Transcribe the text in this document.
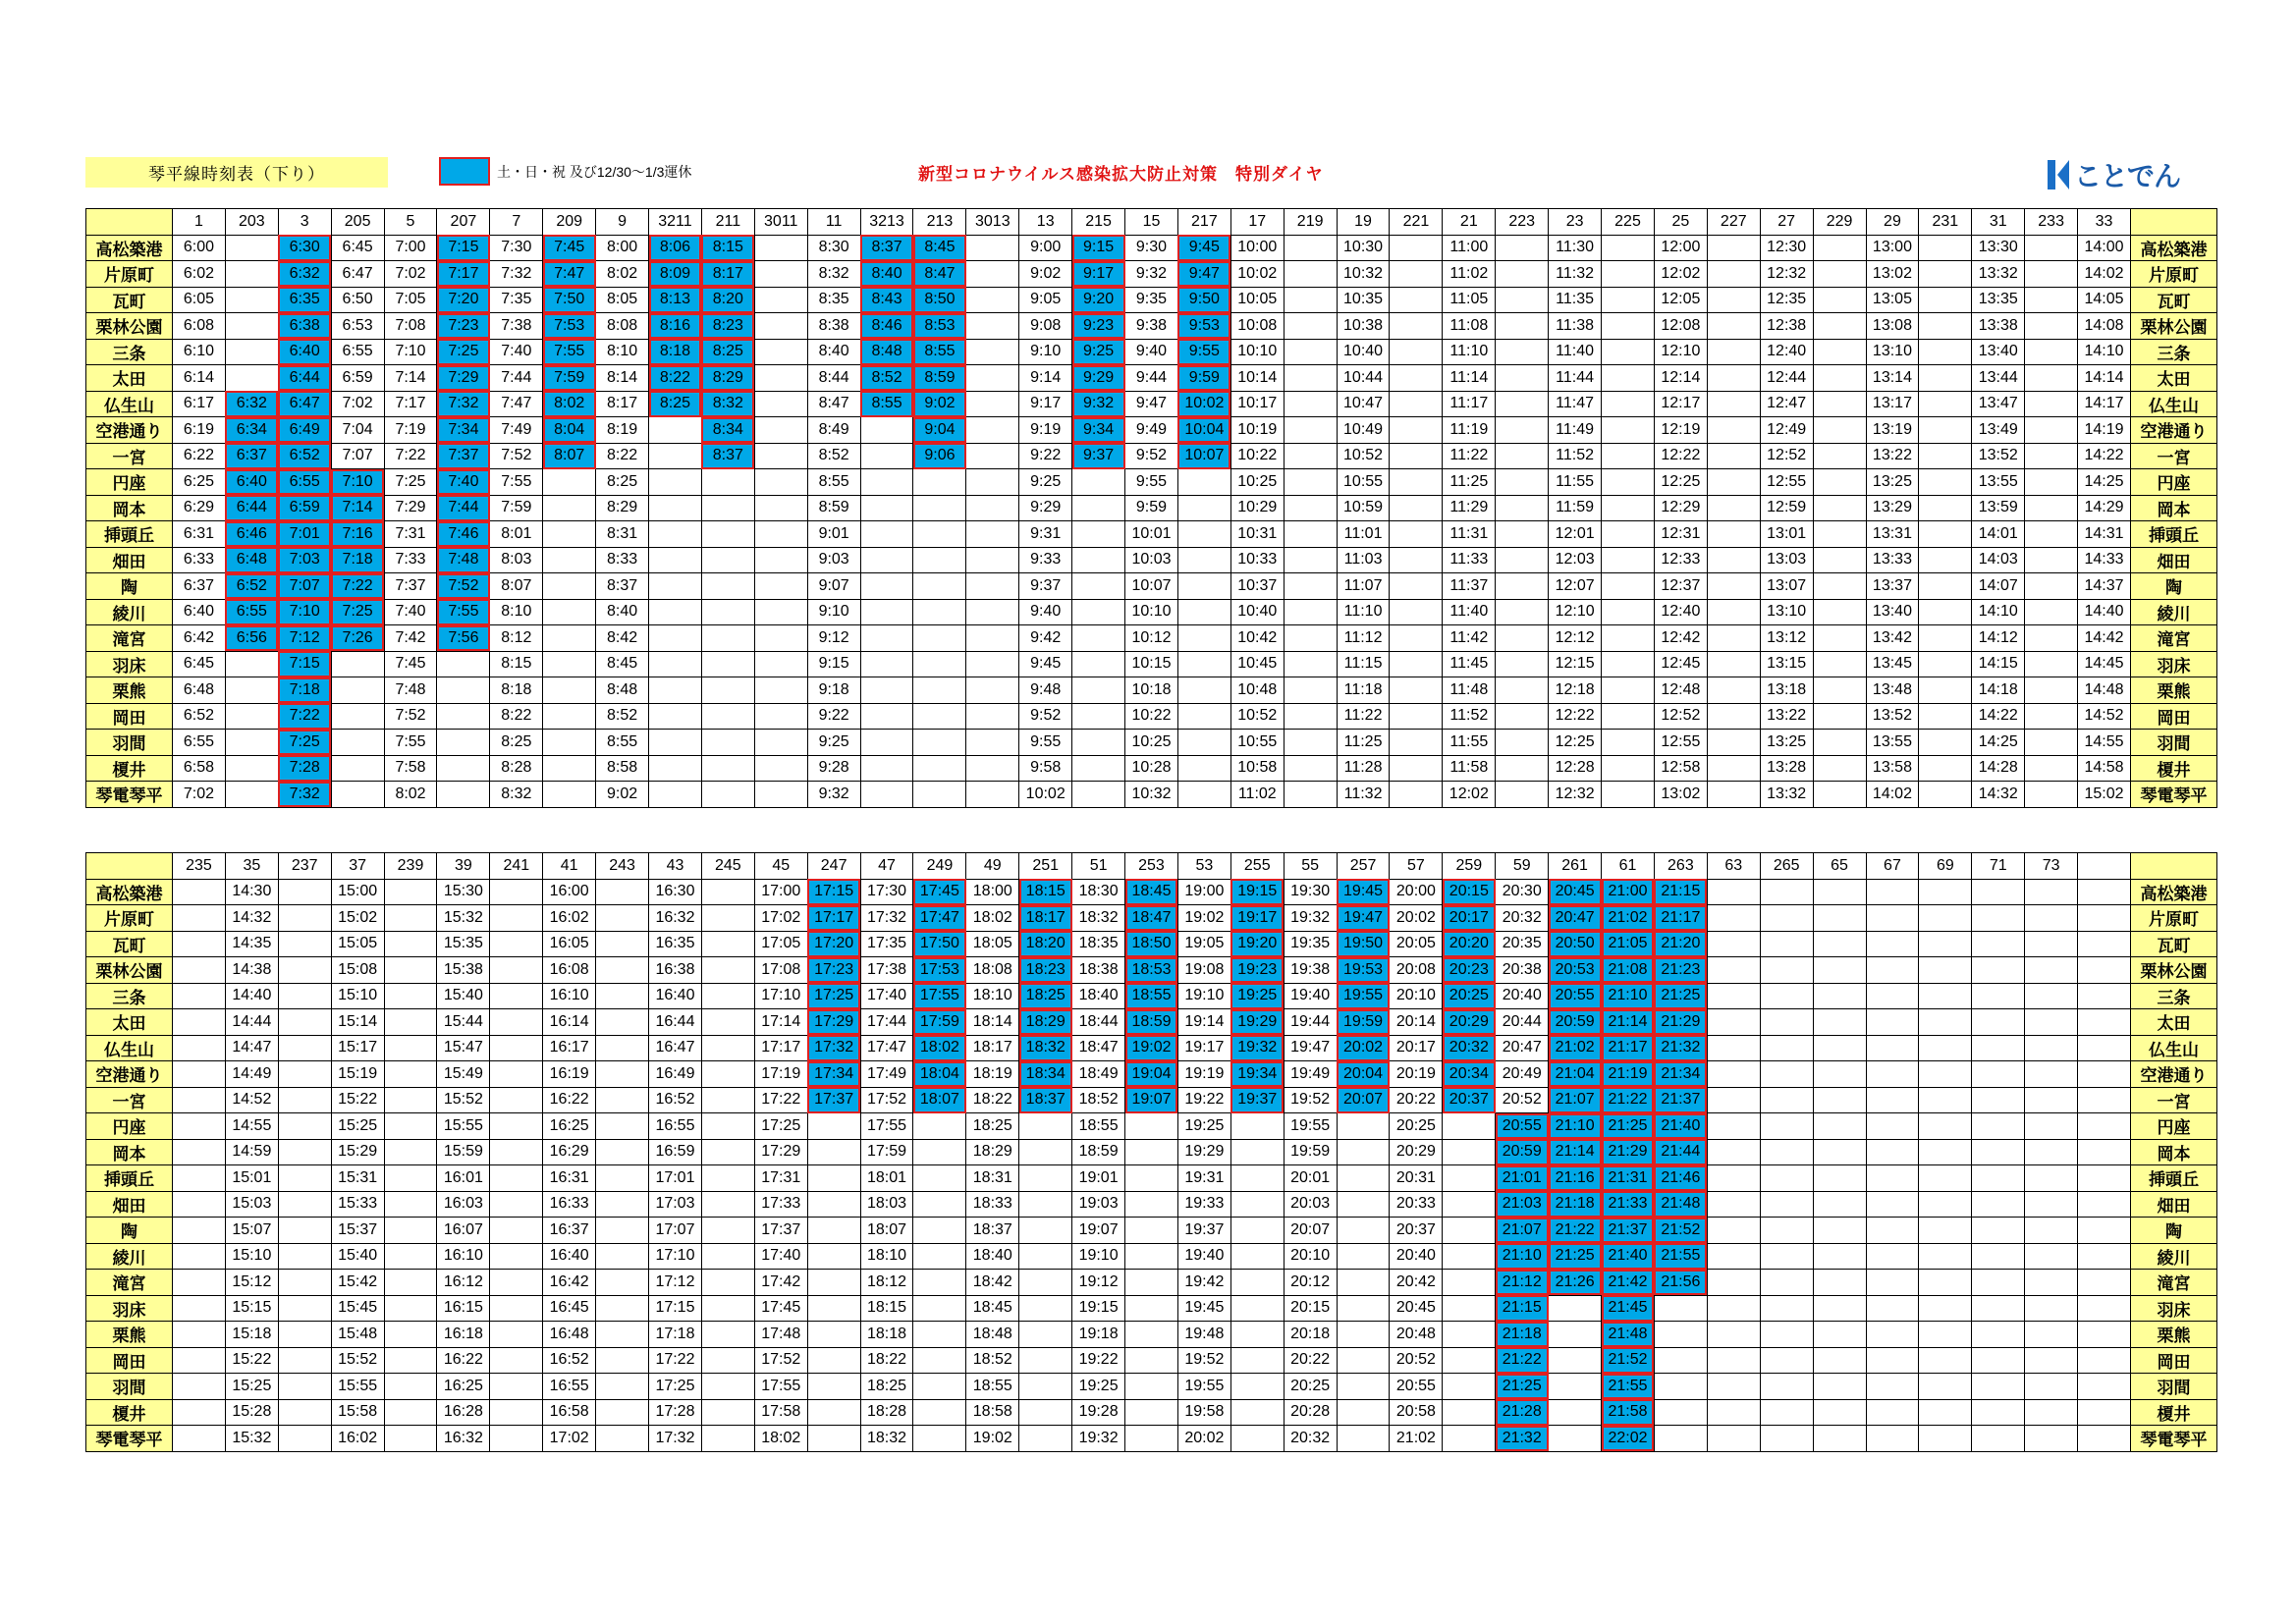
琴平線時刻表（下り）	土・日・祝 及び12/30～1/3運休	新型コロナウイルス感染拡大防止対策　特別ダイヤ	ことでん
	1	203	3	205	5	207	7	209	9	3211	211	3011	11	3213	213	3013	13	215	15	217	17	219	19	221	21	223	23	225	25	227	27	229	29	231	31	233	33	
高松築港	6:00		6:30	6:45	7:00	7:15	7:30	7:45	8:00	8:06	8:15		8:30	8:37	8:45		9:00	9:15	9:30	9:45	10:00		10:30		11:00		11:30		12:00		12:30		13:00		13:30		14:00	高松築港
片原町	6:02		6:32	6:47	7:02	7:17	7:32	7:47	8:02	8:09	8:17		8:32	8:40	8:47		9:02	9:17	9:32	9:47	10:02		10:32		11:02		11:32		12:02		12:32		13:02		13:32		14:02	片原町
瓦町	6:05		6:35	6:50	7:05	7:20	7:35	7:50	8:05	8:13	8:20		8:35	8:43	8:50		9:05	9:20	9:35	9:50	10:05		10:35		11:05		11:35		12:05		12:35		13:05		13:35		14:05	瓦町
栗林公園	6:08		6:38	6:53	7:08	7:23	7:38	7:53	8:08	8:16	8:23		8:38	8:46	8:53		9:08	9:23	9:38	9:53	10:08		10:38		11:08		11:38		12:08		12:38		13:08		13:38		14:08	栗林公園
三条	6:10		6:40	6:55	7:10	7:25	7:40	7:55	8:10	8:18	8:25		8:40	8:48	8:55		9:10	9:25	9:40	9:55	10:10		10:40		11:10		11:40		12:10		12:40		13:10		13:40		14:10	三条
太田	6:14		6:44	6:59	7:14	7:29	7:44	7:59	8:14	8:22	8:29		8:44	8:52	8:59		9:14	9:29	9:44	9:59	10:14		10:44		11:14		11:44		12:14		12:44		13:14		13:44		14:14	太田
仏生山	6:17	6:32	6:47	7:02	7:17	7:32	7:47	8:02	8:17	8:25	8:32		8:47	8:55	9:02		9:17	9:32	9:47	10:02	10:17		10:47		11:17		11:47		12:17		12:47		13:17		13:47		14:17	仏生山
空港通り	6:19	6:34	6:49	7:04	7:19	7:34	7:49	8:04	8:19		8:34		8:49		9:04		9:19	9:34	9:49	10:04	10:19		10:49		11:19		11:49		12:19		12:49		13:19		13:49		14:19	空港通り
一宮	6:22	6:37	6:52	7:07	7:22	7:37	7:52	8:07	8:22		8:37		8:52		9:06		9:22	9:37	9:52	10:07	10:22		10:52		11:22		11:52		12:22		12:52		13:22		13:52		14:22	一宮
円座	6:25	6:40	6:55	7:10	7:25	7:40	7:55		8:25				8:55				9:25		9:55		10:25		10:55		11:25		11:55		12:25		12:55		13:25		13:55		14:25	円座
岡本	6:29	6:44	6:59	7:14	7:29	7:44	7:59		8:29				8:59				9:29		9:59		10:29		10:59		11:29		11:59		12:29		12:59		13:29		13:59		14:29	岡本
挿頭丘	6:31	6:46	7:01	7:16	7:31	7:46	8:01		8:31				9:01				9:31		10:01		10:31		11:01		11:31		12:01		12:31		13:01		13:31		14:01		14:31	挿頭丘
畑田	6:33	6:48	7:03	7:18	7:33	7:48	8:03		8:33				9:03				9:33		10:03		10:33		11:03		11:33		12:03		12:33		13:03		13:33		14:03		14:33	畑田
陶	6:37	6:52	7:07	7:22	7:37	7:52	8:07		8:37				9:07				9:37		10:07		10:37		11:07		11:37		12:07		12:37		13:07		13:37		14:07		14:37	陶
綾川	6:40	6:55	7:10	7:25	7:40	7:55	8:10		8:40				9:10				9:40		10:10		10:40		11:10		11:40		12:10		12:40		13:10		13:40		14:10		14:40	綾川
滝宮	6:42	6:56	7:12	7:26	7:42	7:56	8:12		8:42				9:12				9:42		10:12		10:42		11:12		11:42		12:12		12:42		13:12		13:42		14:12		14:42	滝宮
羽床	6:45		7:15		7:45		8:15		8:45				9:15				9:45		10:15		10:45		11:15		11:45		12:15		12:45		13:15		13:45		14:15		14:45	羽床
栗熊	6:48		7:18		7:48		8:18		8:48				9:18				9:48		10:18		10:48		11:18		11:48		12:18		12:48		13:18		13:48		14:18		14:48	栗熊
岡田	6:52		7:22		7:52		8:22		8:52				9:22				9:52		10:22		10:52		11:22		11:52		12:22		12:52		13:22		13:52		14:22		14:52	岡田
羽間	6:55		7:25		7:55		8:25		8:55				9:25				9:55		10:25		10:55		11:25		11:55		12:25		12:55		13:25		13:55		14:25		14:55	羽間
榎井	6:58		7:28		7:58		8:28		8:58				9:28				9:58		10:28		10:58		11:28		11:58		12:28		12:58		13:28		13:58		14:28		14:58	榎井
琴電琴平	7:02		7:32		8:02		8:32		9:02				9:32				10:02		10:32		11:02		11:32		12:02		12:32		13:02		13:32		14:02		14:32		15:02	琴電琴平
	235	35	237	37	239	39	241	41	243	43	245	45	247	47	249	49	251	51	253	53	255	55	257	57	259	59	261	61	263	63	265	65	67	69	71	73		
高松築港		14:30		15:00		15:30		16:00		16:30		17:00	17:15	17:30	17:45	18:00	18:15	18:30	18:45	19:00	19:15	19:30	19:45	20:00	20:15	20:30	20:45	21:00	21:15									高松築港
片原町		14:32		15:02		15:32		16:02		16:32		17:02	17:17	17:32	17:47	18:02	18:17	18:32	18:47	19:02	19:17	19:32	19:47	20:02	20:17	20:32	20:47	21:02	21:17									片原町
瓦町		14:35		15:05		15:35		16:05		16:35		17:05	17:20	17:35	17:50	18:05	18:20	18:35	18:50	19:05	19:20	19:35	19:50	20:05	20:20	20:35	20:50	21:05	21:20									瓦町
栗林公園		14:38		15:08		15:38		16:08		16:38		17:08	17:23	17:38	17:53	18:08	18:23	18:38	18:53	19:08	19:23	19:38	19:53	20:08	20:23	20:38	20:53	21:08	21:23									栗林公園
三条		14:40		15:10		15:40		16:10		16:40		17:10	17:25	17:40	17:55	18:10	18:25	18:40	18:55	19:10	19:25	19:40	19:55	20:10	20:25	20:40	20:55	21:10	21:25									三条
太田		14:44		15:14		15:44		16:14		16:44		17:14	17:29	17:44	17:59	18:14	18:29	18:44	18:59	19:14	19:29	19:44	19:59	20:14	20:29	20:44	20:59	21:14	21:29									太田
仏生山		14:47		15:17		15:47		16:17		16:47		17:17	17:32	17:47	18:02	18:17	18:32	18:47	19:02	19:17	19:32	19:47	20:02	20:17	20:32	20:47	21:02	21:17	21:32									仏生山
空港通り		14:49		15:19		15:49		16:19		16:49		17:19	17:34	17:49	18:04	18:19	18:34	18:49	19:04	19:19	19:34	19:49	20:04	20:19	20:34	20:49	21:04	21:19	21:34									空港通り
一宮		14:52		15:22		15:52		16:22		16:52		17:22	17:37	17:52	18:07	18:22	18:37	18:52	19:07	19:22	19:37	19:52	20:07	20:22	20:37	20:52	21:07	21:22	21:37									一宮
円座		14:55		15:25		15:55		16:25		16:55		17:25		17:55		18:25		18:55		19:25		19:55		20:25		20:55	21:10	21:25	21:40									円座
岡本		14:59		15:29		15:59		16:29		16:59		17:29		17:59		18:29		18:59		19:29		19:59		20:29		20:59	21:14	21:29	21:44									岡本
挿頭丘		15:01		15:31		16:01		16:31		17:01		17:31		18:01		18:31		19:01		19:31		20:01		20:31		21:01	21:16	21:31	21:46									挿頭丘
畑田		15:03		15:33		16:03		16:33		17:03		17:33		18:03		18:33		19:03		19:33		20:03		20:33		21:03	21:18	21:33	21:48									畑田
陶		15:07		15:37		16:07		16:37		17:07		17:37		18:07		18:37		19:07		19:37		20:07		20:37		21:07	21:22	21:37	21:52									陶
綾川		15:10		15:40		16:10		16:40		17:10		17:40		18:10		18:40		19:10		19:40		20:10		20:40		21:10	21:25	21:40	21:55									綾川
滝宮		15:12		15:42		16:12		16:42		17:12		17:42		18:12		18:42		19:12		19:42		20:12		20:42		21:12	21:26	21:42	21:56									滝宮
羽床		15:15		15:45		16:15		16:45		17:15		17:45		18:15		18:45		19:15		19:45		20:15		20:45		21:15		21:45										羽床
栗熊		15:18		15:48		16:18		16:48		17:18		17:48		18:18		18:48		19:18		19:48		20:18		20:48		21:18		21:48										栗熊
岡田		15:22		15:52		16:22		16:52		17:22		17:52		18:22		18:52		19:22		19:52		20:22		20:52		21:22		21:52										岡田
羽間		15:25		15:55		16:25		16:55		17:25		17:55		18:25		18:55		19:25		19:55		20:25		20:55		21:25		21:55										羽間
榎井		15:28		15:58		16:28		16:58		17:28		17:58		18:28		18:58		19:28		19:58		20:28		20:58		21:28		21:58										榎井
琴電琴平		15:32		16:02		16:32		17:02		17:32		18:02		18:32		19:02		19:32		20:02		20:32		21:02		21:32		22:02										琴電琴平
